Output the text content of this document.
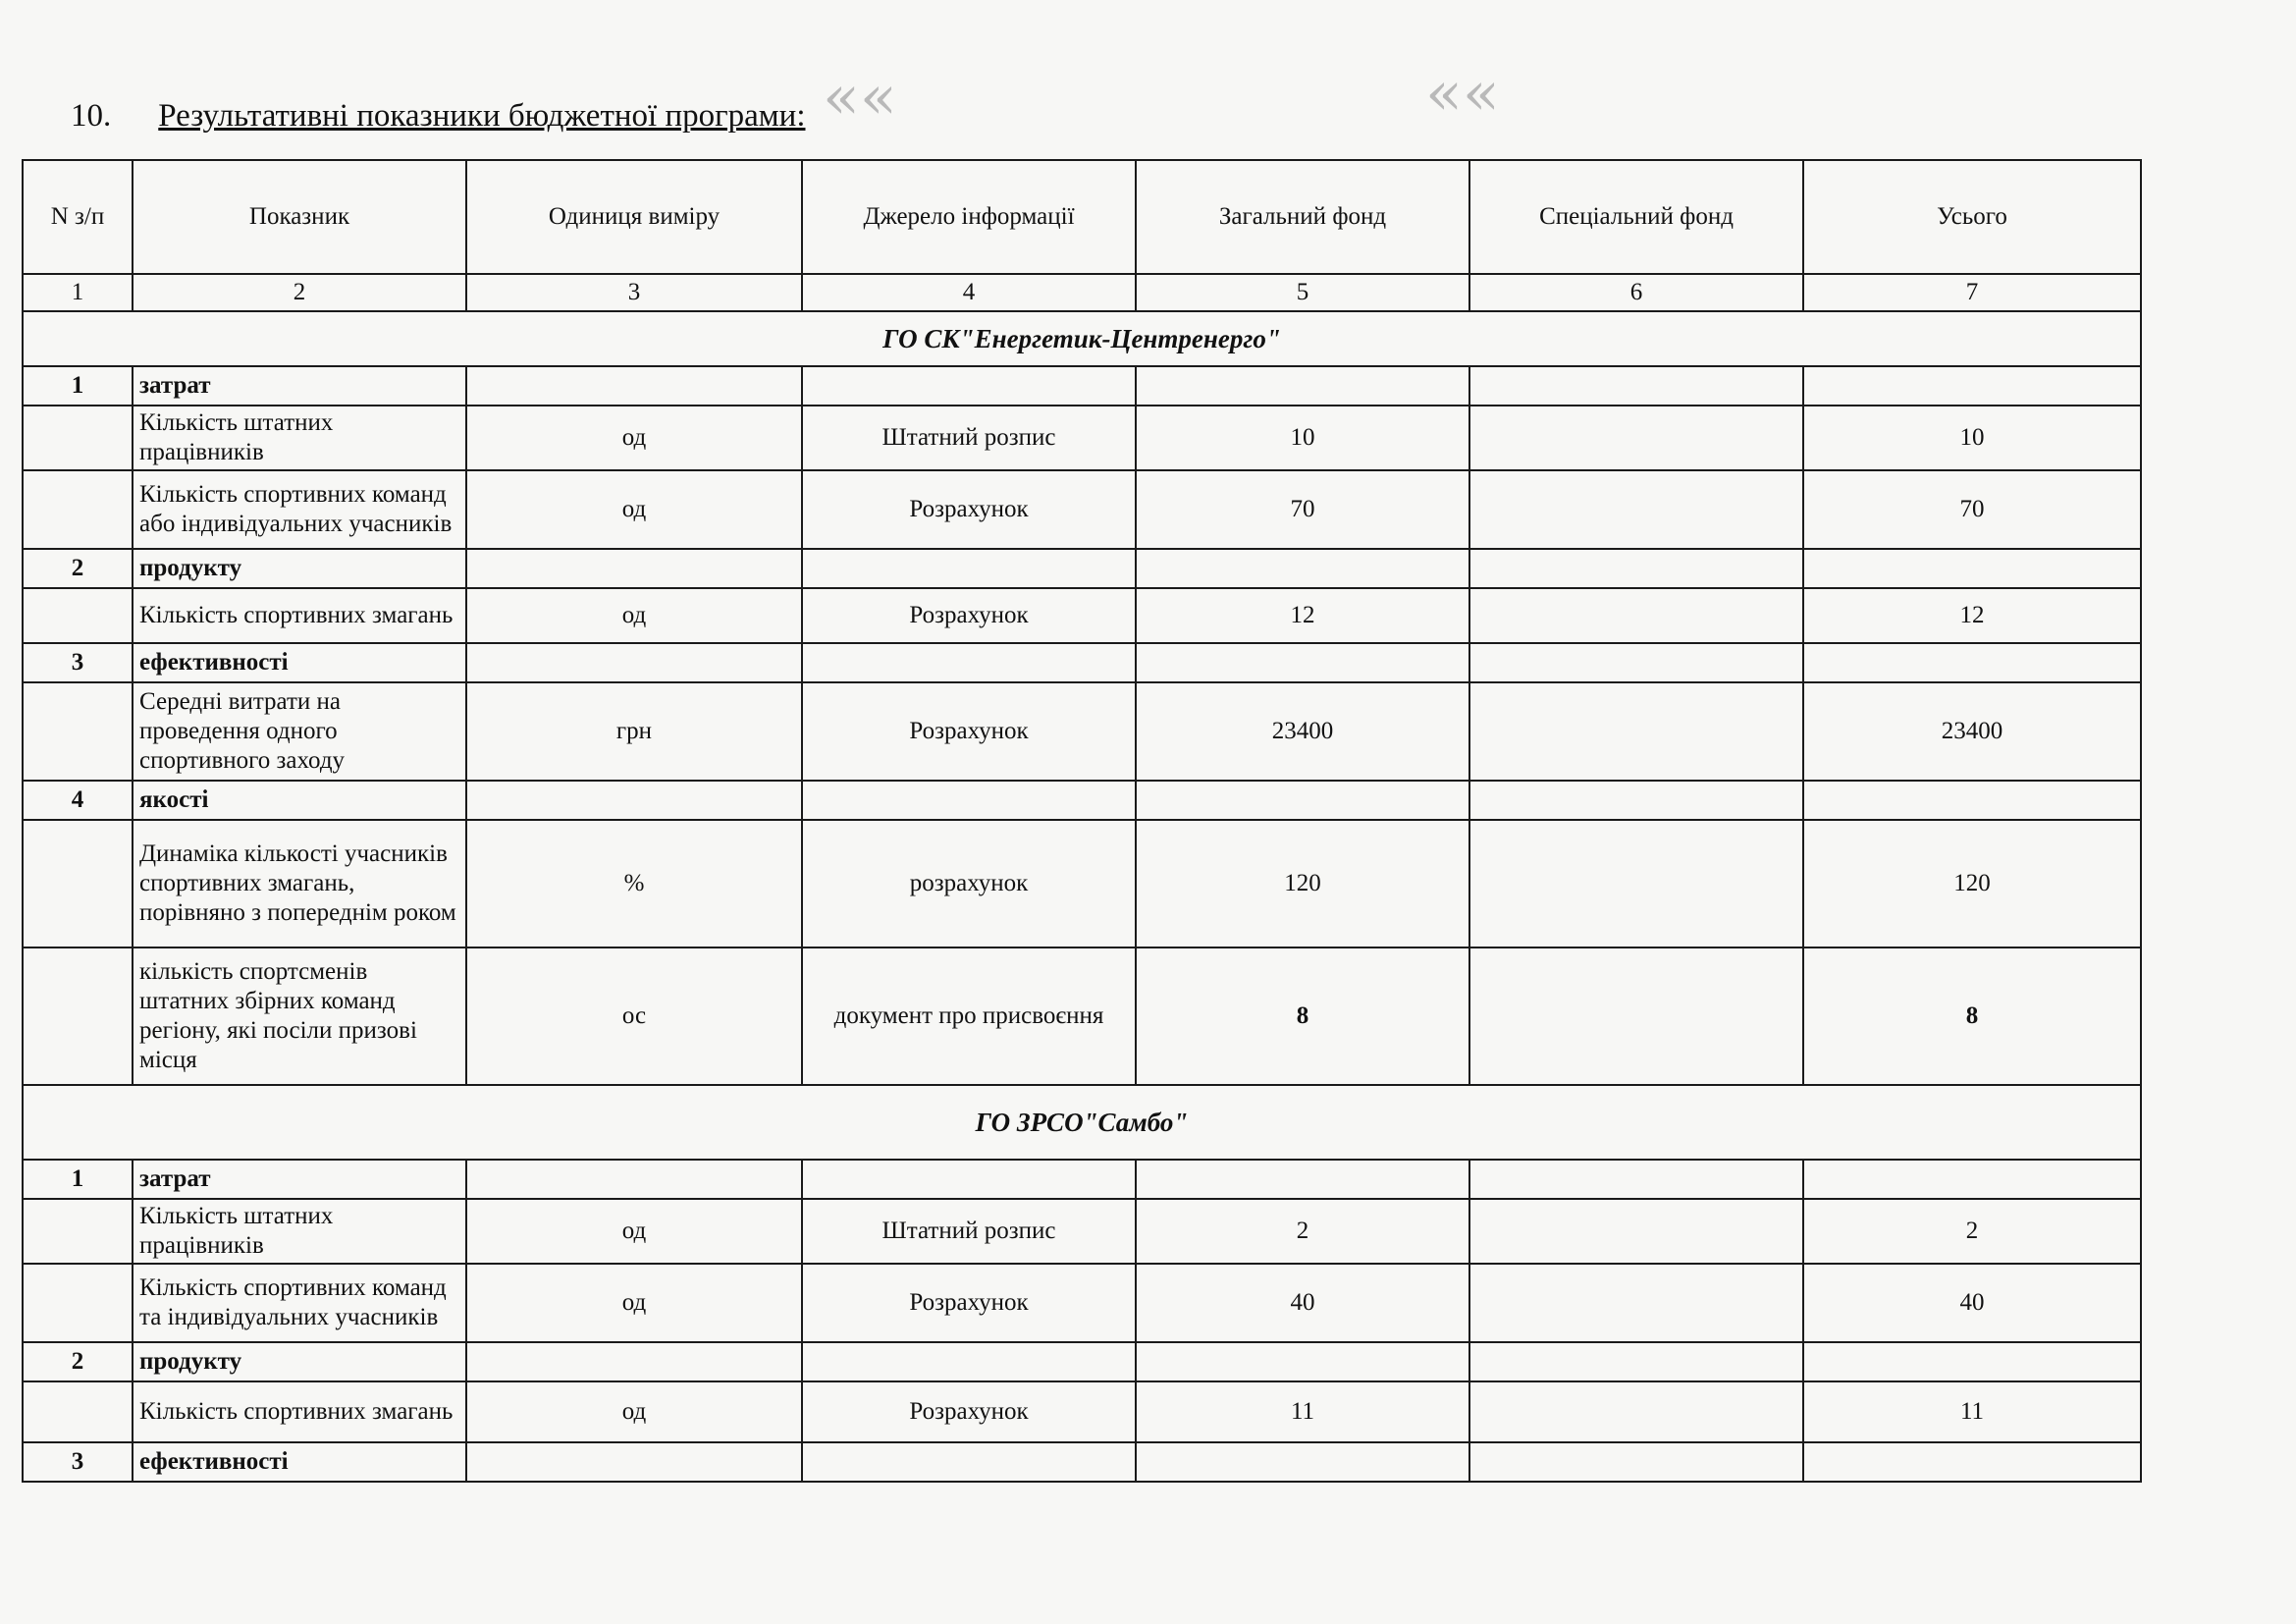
10. Результативні показники бюджетної програми: ««	««
N з/п	Показник	Одиниця виміру	Джерело інформації	Загальний фонд	Спеціальний фонд	Усього
1	2	3	4	5	6	7
ГО СК"Енергетик-Центренерго"						
1	затрат					
	Кількість штатних працівників	од	Штатний розпис	10		10
	Кількість спортивних команд або індивідуальних учасників	од	Розрахунок	70		70
2	продукту					
	Кількість спортивних змагань	од	Розрахунок	12		12
3	ефективності					
	Середні витрати на проведення одного спортивного заходу	грн	Розрахунок	23400		23400
4	якості					
	Динаміка кількості учасників спортивних змагань, порівняно з попереднім роком	%	розрахунок	120		120
	кількість спортсменів штатних збірних команд регіону, які посіли призові місця	ос	документ про присвоєння	8		8
ГО ЗРСО"Самбо"						
1	затрат					
	Кількість штатних працівників	од	Штатний розпис	2		2
	Кількість спортивних команд та індивідуальних учасників	од	Розрахунок	40		40
2	продукту					
	Кількість спортивних змагань	од	Розрахунок	11		11
3	ефективності					
